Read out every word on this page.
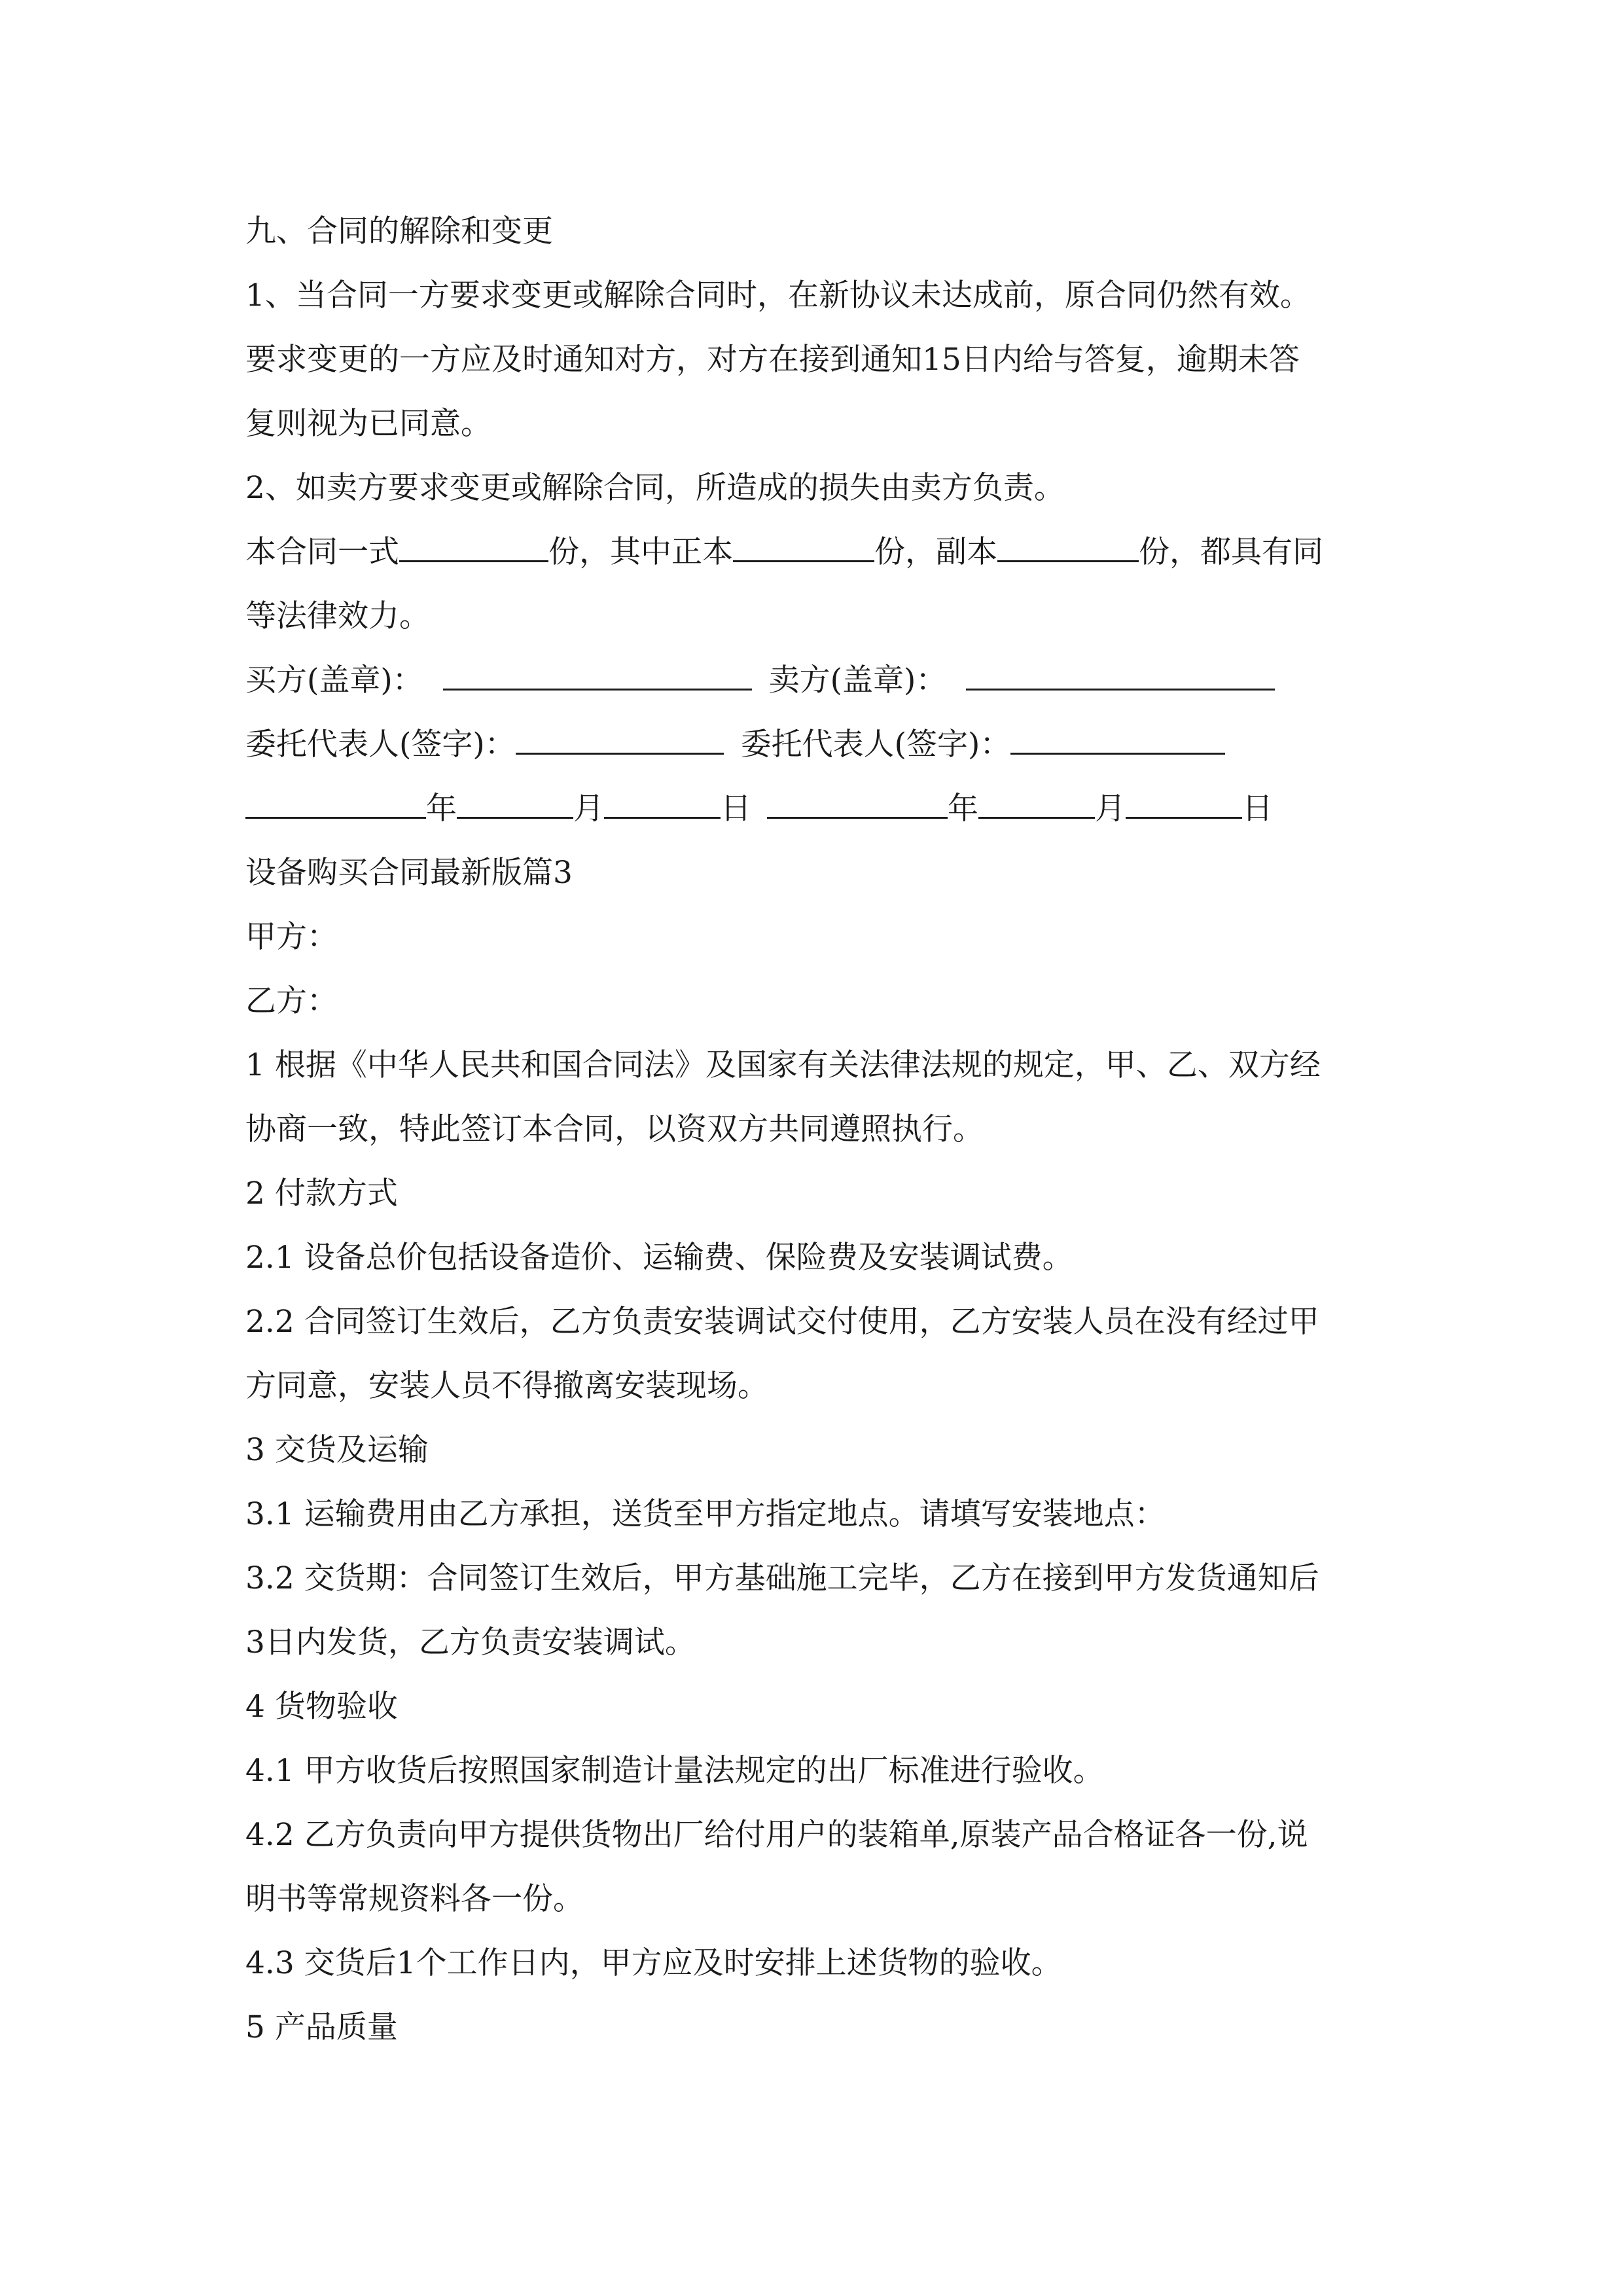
九、合同的解除和变更
1、当合同一方要求变更或解除合同时，在新协议未达成前，原合同仍然有效。
要求变更的一方应及时通知对方，对方在接到通知15日内给与答复，逾期未答
复则视为已同意。
2、如卖方要求变更或解除合同，所造成的损失由卖方负责。
本合同一式	份，其中正本	份，副本	份，都具有同
等法律效力。
买方(盖章)：	卖方(盖章)：
委托代表人(签字)：	委托代表人(签字)：
年	月	日	年	月	日
设备购买合同最新版篇3
甲方：
乙方：
1 根据《中华人民共和国合同法》及国家有关法律法规的规定，甲、乙、双方经
协商一致，特此签订本合同，以资双方共同遵照执行。
2 付款方式
2.1 设备总价包括设备造价、运输费、保险费及安装调试费。
2.2 合同签订生效后，乙方负责安装调试交付使用，乙方安装人员在没有经过甲
方同意，安装人员不得撤离安装现场。
3 交货及运输
3.1 运输费用由乙方承担，送货至甲方指定地点。请填写安装地点：
3.2 交货期：合同签订生效后，甲方基础施工完毕，乙方在接到甲方发货通知后
3日内发货，乙方负责安装调试。
4 货物验收
4.1 甲方收货后按照国家制造计量法规定的出厂标准进行验收。
4.2 乙方负责向甲方提供货物出厂给付用户的装箱单,原装产品合格证各一份,说
明书等常规资料各一份。
4.3 交货后1个工作日内，甲方应及时安排上述货物的验收。
5 产品质量
